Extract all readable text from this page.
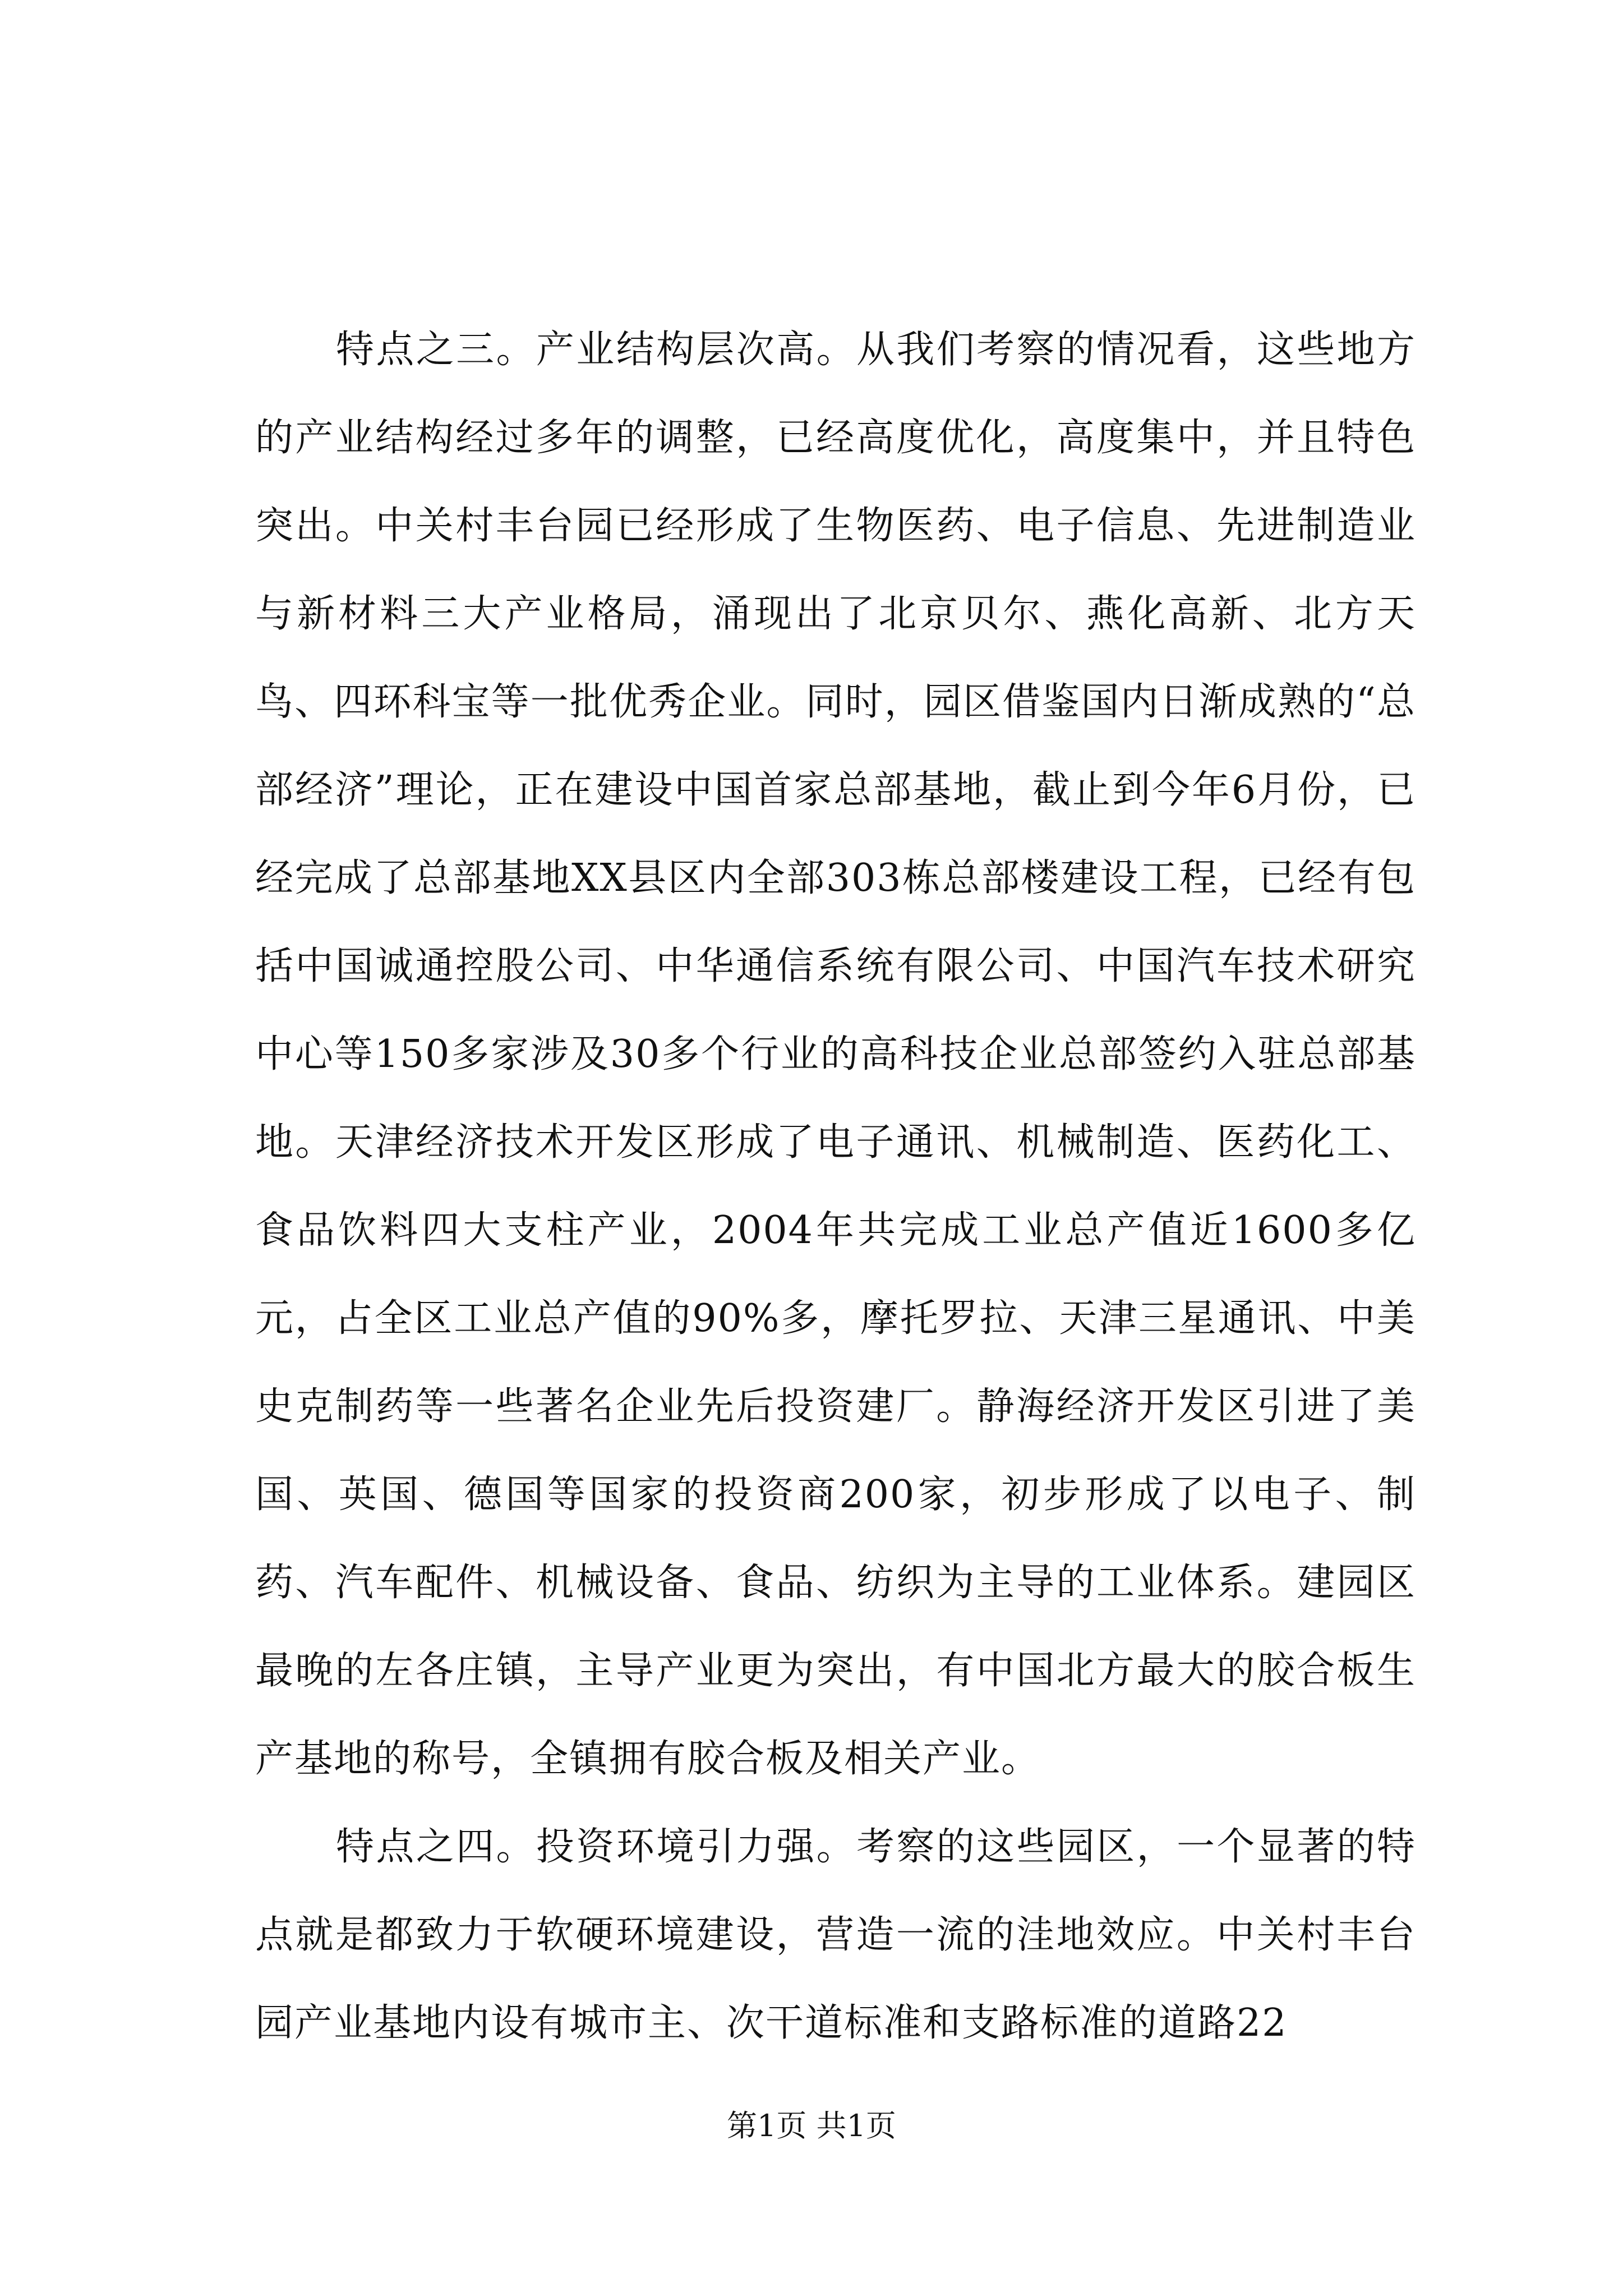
特点之三。产业结构层次高。从我们考察的情况看，这些地方的产业结构经过多年的调整，已经高度优化，高度集中，并且特色突出。中关村丰台园已经形成了生物医药、电子信息、先进制造业与新材料三大产业格局，涌现出了北京贝尔、燕化高新、北方天鸟、四环科宝等一批优秀企业。同时，园区借鉴国内日渐成熟的“总部经济”理论，正在建设中国首家总部基地，截止到今年6月份，已经完成了总部基地XX县区内全部303栋总部楼建设工程，已经有包括中国诚通控股公司、中华通信系统有限公司、中国汽车技术研究中心等150多家涉及30多个行业的高科技企业总部签约入驻总部基地。天津经济技术开发区形成了电子通讯、机械制造、医药化工、食品饮料四大支柱产业，2004年共完成工业总产值近1600多亿元，占全区工业总产值的90%多，摩托罗拉、天津三星通讯、中美史克制药等一些著名企业先后投资建厂。静海经济开发区引进了美国、英国、德国等国家的投资商200家，初步形成了以电子、制药、汽车配件、机械设备、食品、纺织为主导的工业体系。建园区最晚的左各庄镇，主导产业更为突出，有中国北方最大的胶合板生产基地的称号，全镇拥有胶合板及相关产业。

特点之四。投资环境引力强。考察的这些园区，一个显著的特点就是都致力于软硬环境建设，营造一流的洼地效应。中关村丰台园产业基地内设有城市主、次干道标准和支路标准的道路22

第1页 共1页
